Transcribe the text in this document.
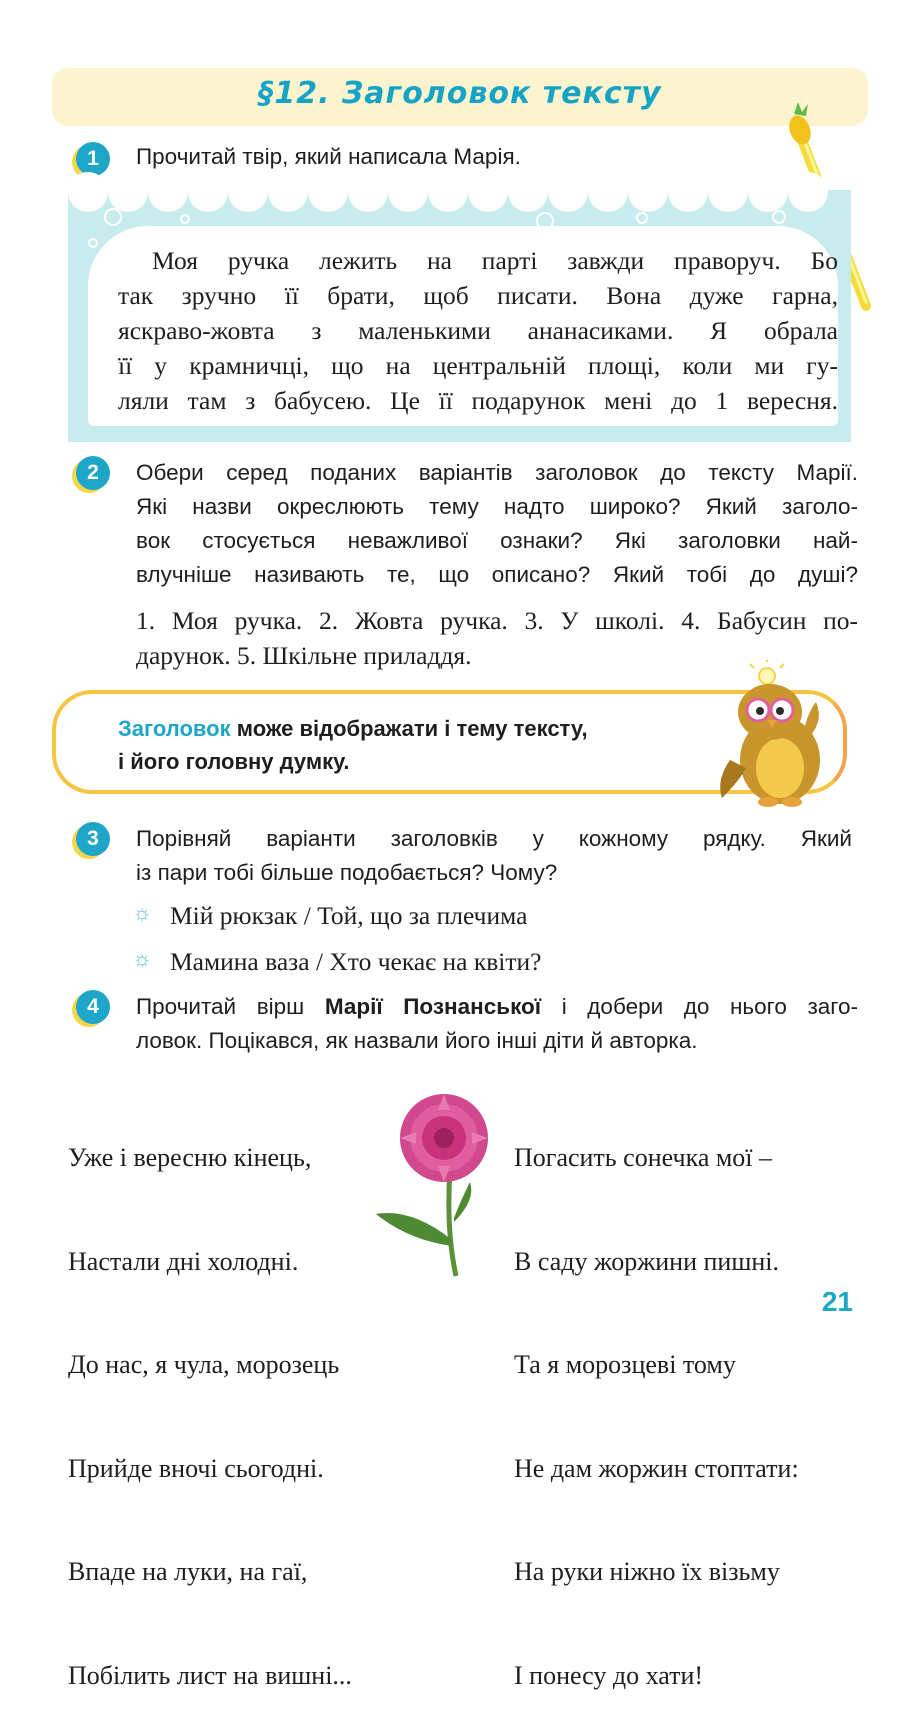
§12. Заголовок тексту
1	Прочитай твір, який написала Марія.
Моя ручка лежить на парті завжди праворуч. Бо
так зручно її брати, щоб писати. Вона дуже гарна,
яскраво-жовта з маленькими ананасиками. Я обрала
її у крамничці, що на центральній площі, коли ми гу-
ляли там з бабусею. Це її подарунок мені до 1 вересня.
2	Обери серед поданих варіантів заголовок до тексту Марії.
Які назви окреслюють тему надто широко? Який заголо-
вок стосується неважливої ознаки? Які заголовки най-
влучніше називають те, що описано? Який тобі до душі?
1. Моя ручка. 2. Жовта ручка. 3. У школі. 4. Бабусин по-
дарунок. 5. Шкільне приладдя.
Заголовок може відображати і тему тексту,
і його головну думку.
3	Порівняй варіанти заголовків у кожному рядку. Який
із пари тобі більше подобається? Чому?
☼ Мій рюкзак / Той, що за плечима
☼ Мамина ваза / Хто чекає на квіти?
4	Прочитай вірш Марії Познанської і добери до нього заго-
ловок. Поцікався, як назвали його інші діти й авторка.

Уже і вересню кінець,

Настали дні холодні.

До нас, я чула, морозець

Прийде вночі сьогодні.

Впаде на луки, на гаї,

Побілить лист на вишні...

Погасить сонечка мої –

В саду жоржини пишні.

Та я морозцеві тому

Не дам жоржин стоптати:

На руки ніжно їх візьму

І понесу до хати!

21
